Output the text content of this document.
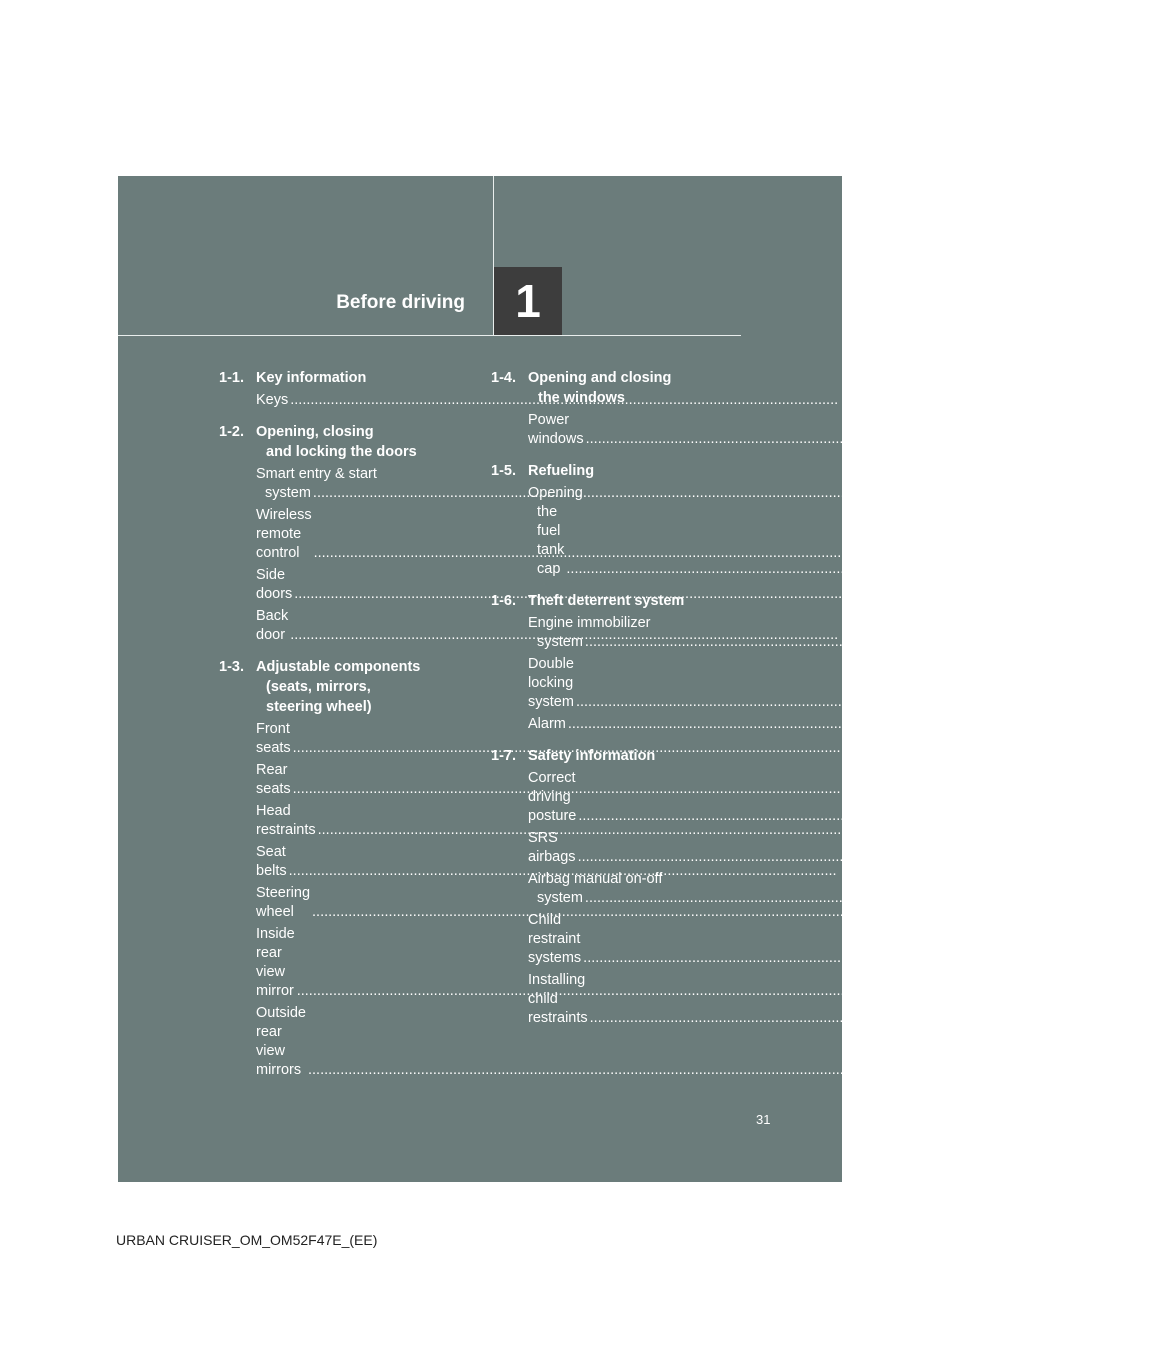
Before driving	1
1-1. Key information
Keys .....	32
1-2. Opening, closing
and locking the doors
Smart entry & start
system .....	36
Wireless remote control .....	57
Side doors .....	66
Back door .....	70
1-3. Adjustable components
(seats, mirrors,
steering wheel)
Front seats .....	75
Rear seats .....	77
Head restraints .....	83
Seat belts .....	86
Steering wheel .....	95
Inside rear view mirror .....	96
Outside rear view mirrors .....	98
1-4. Opening and closing
the windows
Power windows .....	101
1-5. Refueling
Opening
the fuel tank cap .....	105
1-6. Theft deterrent system
Engine immobilizer
system .....	110
Double locking system .....	118
Alarm .....	120
1-7. Safety information
Correct driving posture .....	124
SRS airbags .....	126
Airbag manual on-off
system .....	140
Child restraint systems .....	143
Installing child restraints .....	153
31
URBAN CRUISER_OM_OM52F47E_(EE)
